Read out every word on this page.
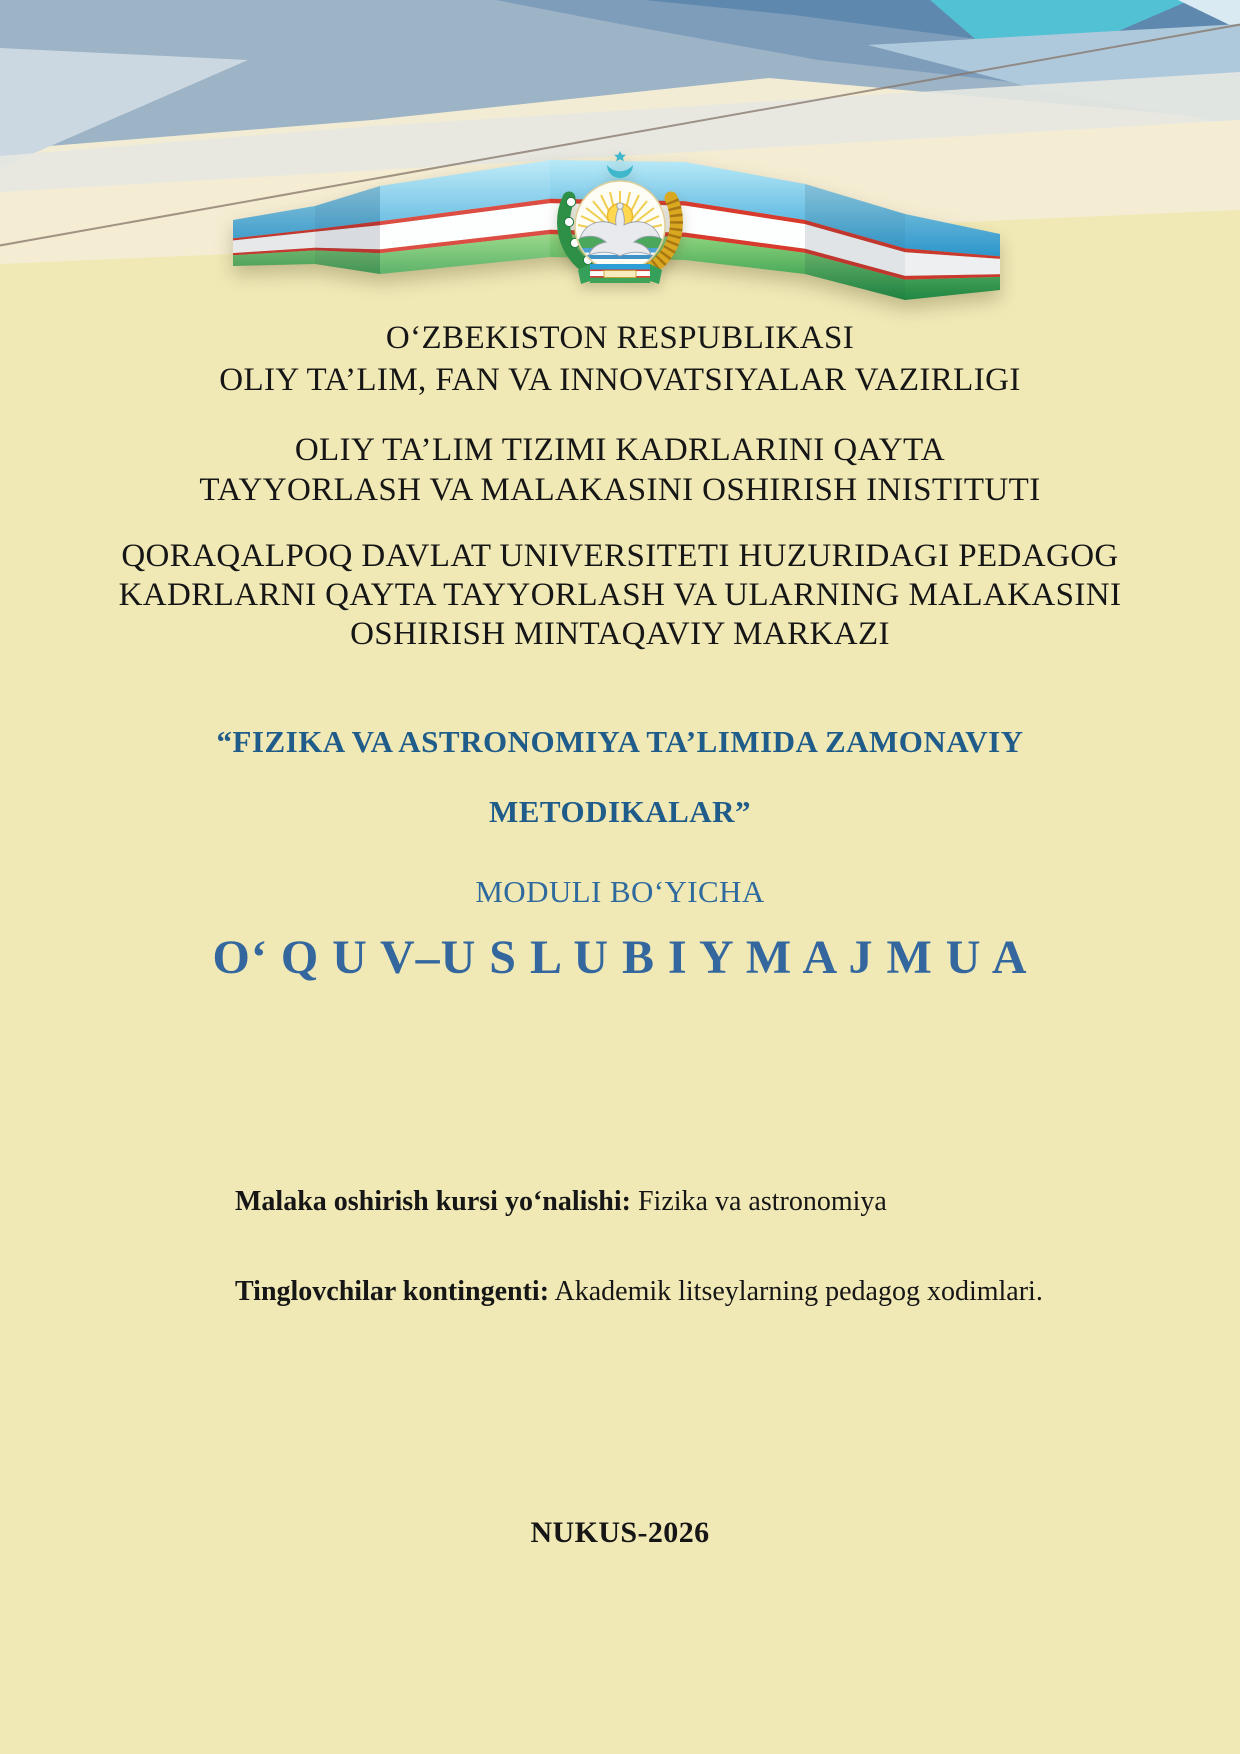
O‘ZBEKISTON RESPUBLIKASI
OLIY TA’LIM, FAN VA INNOVATSIYALAR VAZIRLIGI
OLIY TA’LIM TIZIMI KADRLARINI QAYTA
TAYYORLASH VA MALAKASINI OSHIRISH INISTITUTI
QORAQALPOQ DAVLAT UNIVERSITETI HUZURIDAGI PEDAGOG
KADRLARNI QAYTA TAYYORLASH VA ULARNING MALAKASINI
OSHIRISH MINTAQAVIY MARKAZI
“FIZIKA VA ASTRONOMIYA TA’LIMIDA ZAMONAVIY
METODIKALAR”
MODULI BO‘YICHA
O‘ Q U V–U S L U B I Y M A J M U A
Malaka oshirish kursi yo‘nalishi: Fizika va astronomiya
Tinglovchilar kontingenti: Akademik litseylarning pedagog xodimlari.
NUKUS-2026
